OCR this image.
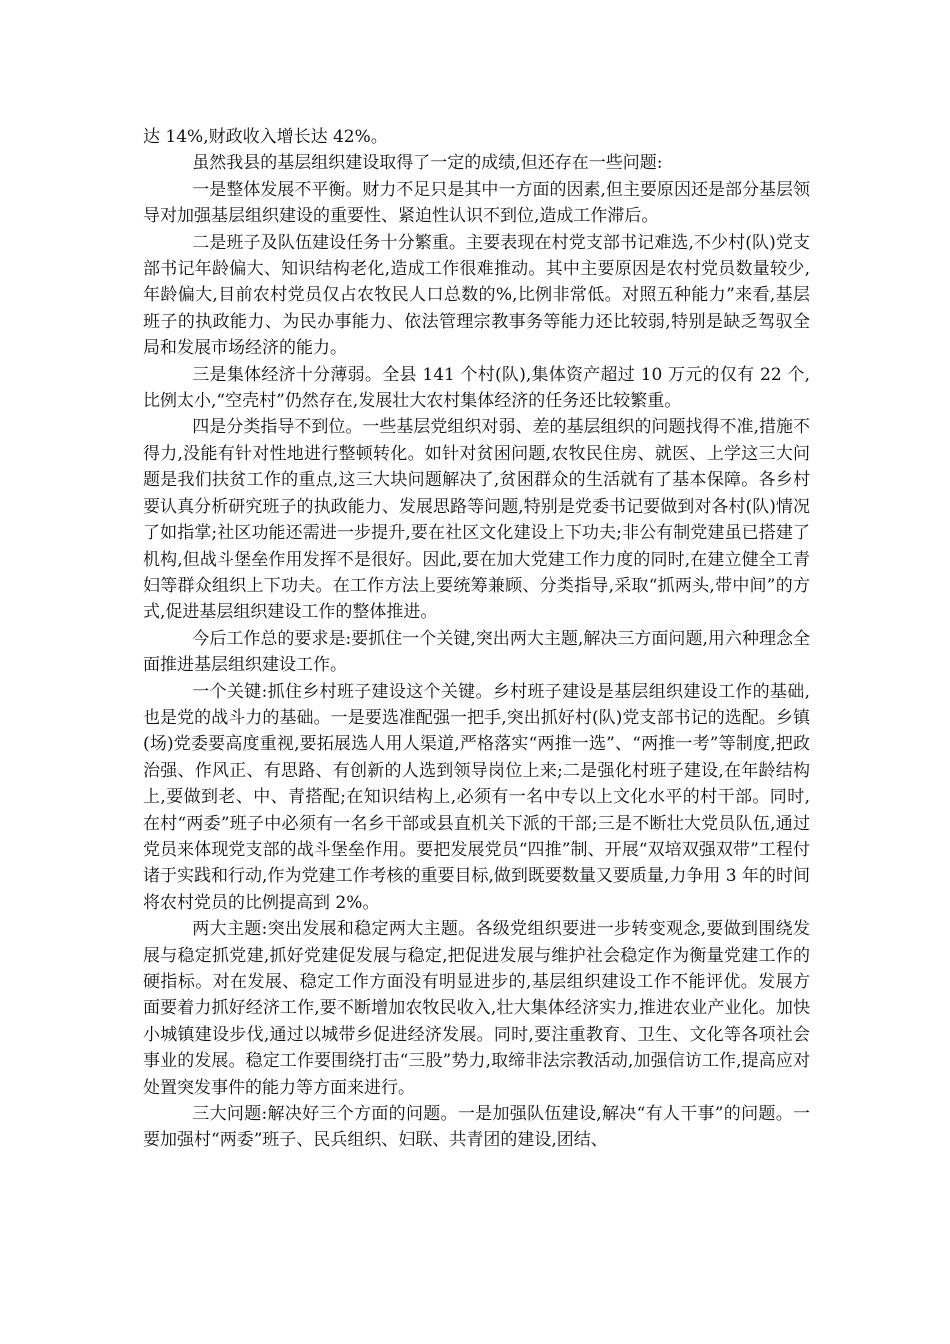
达 14%,财政收入增长达 42%。

虽然我县的基层组织建设取得了一定的成绩,但还存在一些问题:

一是整体发展不平衡。财力不足只是其中一方面的因素,但主要原因还是部分基层领导对加强基层组织建设的重要性、紧迫性认识不到位,造成工作滞后。

二是班子及队伍建设任务十分繁重。主要表现在村党支部书记难选,不少村(队)党支部书记年龄偏大、知识结构老化,造成工作很难推动。其中主要原因是农村党员数量较少,年龄偏大,目前农村党员仅占农牧民人口总数的%,比例非常低。对照五种能力”来看,基层班子的执政能力、为民办事能力、依法管理宗教事务等能力还比较弱,特别是缺乏驾驭全局和发展市场经济的能力。

三是集体经济十分薄弱。全县 141 个村(队),集体资产超过 10 万元的仅有 22 个,比例太小,“空壳村”仍然存在,发展壮大农村集体经济的任务还比较繁重。

四是分类指导不到位。一些基层党组织对弱、差的基层组织的问题找得不准,措施不得力,没能有针对性地进行整顿转化。如针对贫困问题,农牧民住房、就医、上学这三大问题是我们扶贫工作的重点,这三大块问题解决了,贫困群众的生活就有了基本保障。各乡村要认真分析研究班子的执政能力、发展思路等问题,特别是党委书记要做到对各村(队)情况了如指掌;社区功能还需进一步提升,要在社区文化建设上下功夫;非公有制党建虽已搭建了机构,但战斗堡垒作用发挥不是很好。因此,要在加大党建工作力度的同时,在建立健全工青妇等群众组织上下功夫。在工作方法上要统筹兼顾、分类指导,采取“抓两头,带中间”的方式,促进基层组织建设工作的整体推进。

今后工作总的要求是:要抓住一个关键,突出两大主题,解决三方面问题,用六种理念全面推进基层组织建设工作。

一个关键:抓住乡村班子建设这个关键。乡村班子建设是基层组织建设工作的基础,也是党的战斗力的基础。一是要选准配强一把手,突出抓好村(队)党支部书记的选配。乡镇(场)党委要高度重视,要拓展选人用人渠道,严格落实“两推一选”、“两推一考”等制度,把政治强、作风正、有思路、有创新的人选到领导岗位上来;二是强化村班子建设,在年龄结构上,要做到老、中、青搭配;在知识结构上,必须有一名中专以上文化水平的村干部。同时,在村“两委”班子中必须有一名乡干部或县直机关下派的干部;三是不断壮大党员队伍,通过党员来体现党支部的战斗堡垒作用。要把发展党员“四推”制、开展“双培双强双带”工程付诸于实践和行动,作为党建工作考核的重要目标,做到既要数量又要质量,力争用 3 年的时间将农村党员的比例提高到 2%。

两大主题:突出发展和稳定两大主题。各级党组织要进一步转变观念,要做到围绕发展与稳定抓党建,抓好党建促发展与稳定,把促进发展与维护社会稳定作为衡量党建工作的硬指标。对在发展、稳定工作方面没有明显进步的,基层组织建设工作不能评优。发展方面要着力抓好经济工作,要不断增加农牧民收入,壮大集体经济实力,推进农业产业化。加快小城镇建设步伐,通过以城带乡促进经济发展。同时,要注重教育、卫生、文化等各项社会事业的发展。稳定工作要围绕打击“三股”势力,取缔非法宗教活动,加强信访工作,提高应对处置突发事件的能力等方面来进行。

三大问题:解决好三个方面的问题。一是加强队伍建设,解决“有人干事”的问题。一要加强村“两委”班子、民兵组织、妇联、共青团的建设,团结、
